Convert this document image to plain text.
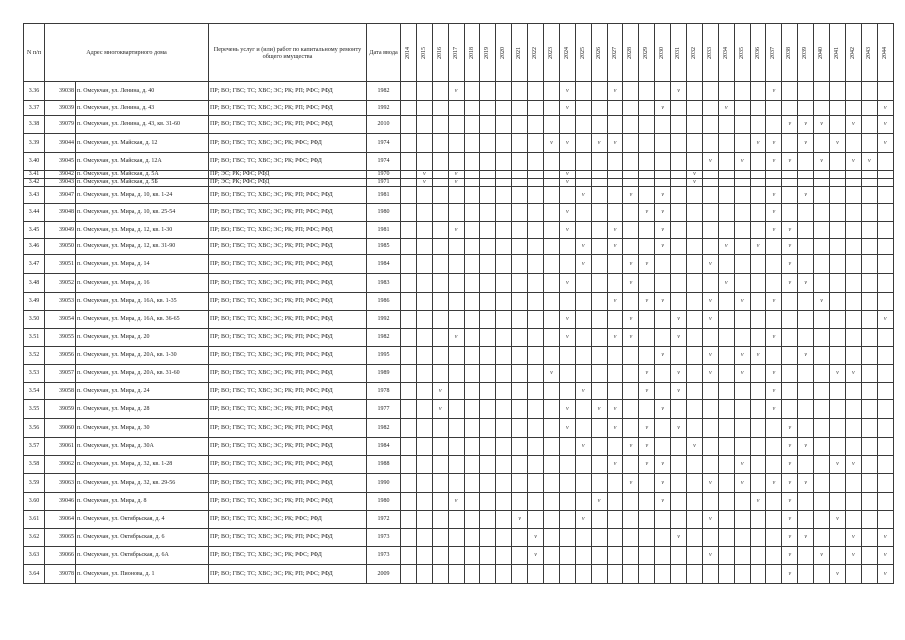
N п/п	Адрес многоквартирного дома		Перечень услуг и (или) работ по капитальному ремонту общего имущества	Дата ввода	2014	2015	2016	2017	2018	2019	2020	2021	2022	2023	2024	2025	2026	2027	2028	2029	2030	2031	2032	2033	2034	2035	2036	2037	2038	2039	2040	2041	2042	2043	2044

3.36	39038	п. Омсукчан, ул. Ленина, д. 40	ПР; ВО; ГВС; ТС; ХВС; ЭС; РК; РП; РФС; РФД	1982				v							v			v				v						v							
3.37	39039	п. Омсукчан, ул. Ленина, д. 43	ПР; ВО; ГВС; ТС; ХВС; ЭС; РК; РП; РФС; РФД	1992											v						v				v										v
3.38	39079	п. Омсукчан, ул. Ленина, д. 43, кв. 31-60	ПР; ВО; ГВС; ТС; ХВС; ЭС; РК; РП; РФС; РФД	2010																									v	v	v		v		v
3.39	39044	п. Омсукчан, ул. Майская, д. 12	ПР; ВО; ГВС; ТС; ХВС; ЭС; РК; РФС; РФД	1974										v	v		v	v									v	v		v		v			v
3.40	39045	п. Омсукчан, ул. Майская, д. 12А	ПР; ВО; ГВС; ТС; ХВС; ЭС; РК; РФС; РФД	1974																				v		v		v	v		v		v	v	
3.41	39042	п. Омсукчан, ул. Майская, д. 5А	ПР; ЭС; РК; РФС; РФД	1970		v		v							v								v												
3.42	39043	п. Омсукчан, ул. Майская, д. 5Б	ПР; ЭС; РК; РФС; РФД	1971		v		v							v								v												
3.43	39047	п. Омсукчан, ул. Мира, д. 10, кв. 1-24	ПР; ВО; ГВС; ТС; ХВС; ЭС; РК; РП; РФС; РФД	1981												v			v		v							v		v					
3.44	39048	п. Омсукчан, ул. Мира, д. 10, кв. 25-54	ПР; ВО; ГВС; ТС; ХВС; ЭС; РК; РП; РФС; РФД	1980											v					v	v							v							
3.45	39049	п. Омсукчан, ул. Мира, д. 12, кв. 1-30	ПР; ВО; ГВС; ТС; ХВС; ЭС; РК; РП; РФС; РФД	1981				v							v			v			v							v	v						
3.46	39050	п. Омсукчан, ул. Мира, д. 12, кв. 31-90	ПР; ВО; ГВС; ТС; ХВС; ЭС; РК; РП; РФС; РФД	1985												v		v			v				v		v		v						
3.47	39051	п. Омсукчан, ул. Мира, д. 14	ПР; ВО; ГВС; ТС; ХВС; ЭС; РК; РП; РФС; РФД	1984												v			v	v				v					v						
3.48	39052	п. Омсукчан, ул. Мира, д. 16	ПР; ВО; ГВС; ТС; ХВС; ЭС; РК; РП; РФС; РФД	1983											v				v						v				v	v					
3.49	39053	п. Омсукчан, ул. Мира, д. 16А, кв. 1-35	ПР; ВО; ГВС; ТС; ХВС; ЭС; РК; РП; РФС; РФД	1986														v		v	v			v		v		v			v				
3.50	39054	п. Омсукчан, ул. Мира, д. 16А, кв. 36-65	ПР; ВО; ГВС; ТС; ХВС; ЭС; РК; РП; РФС; РФД	1992											v				v			v		v											v
3.51	39055	п. Омсукчан, ул. Мира, д. 20	ПР; ВО; ГВС; ТС; ХВС; ЭС; РК; РП; РФС; РФД	1982				v							v			v	v			v						v							
3.52	39056	п. Омсукчан, ул. Мира, д. 20А, кв. 1-30	ПР; ВО; ГВС; ТС; ХВС; ЭС; РК; РП; РФС; РФД	1995																	v			v		v	v			v					
3.53	39057	п. Омсукчан, ул. Мира, д. 20А, кв. 31-60	ПР; ВО; ГВС; ТС; ХВС; ЭС; РК; РП; РФС; РФД	1989										v						v		v		v		v		v				v	v		
3.54	39058	п. Омсукчан, ул. Мира, д. 24	ПР; ВО; ГВС; ТС; ХВС; ЭС; РК; РП; РФС; РФД	1978			v									v				v		v						v							
3.55	39059	п. Омсукчан, ул. Мира, д. 28	ПР; ВО; ГВС; ТС; ХВС; ЭС; РК; РП; РФС; РФД	1977			v								v		v	v			v							v							
3.56	39060	п. Омсукчан, ул. Мира, д. 30	ПР; ВО; ГВС; ТС; ХВС; ЭС; РК; РП; РФС; РФД	1982											v			v		v		v							v						
3.57	39061	п. Омсукчан, ул. Мира, д. 30А	ПР; ВО; ГВС; ТС; ХВС; ЭС; РК; РП; РФС; РФД	1984												v			v	v			v						v	v					
3.58	39062	п. Омсукчан, ул. Мира, д. 32, кв. 1-28	ПР; ВО; ГВС; ТС; ХВС; ЭС; РК; РП; РФС; РФД	1988														v		v	v					v			v			v	v		
3.59	39063	п. Омсукчан, ул. Мира, д. 32, кв. 29-56	ПР; ВО; ГВС; ТС; ХВС; ЭС; РК; РП; РФС; РФД	1990															v		v			v		v		v	v	v					
3.60	39046	п. Омсукчан, ул. Мира, д. 8	ПР; ВО; ГВС; ТС; ХВС; ЭС; РК; РП; РФС; РФД	1980				v									v				v						v		v						
3.61	39064	п. Омсукчан, ул. Октябрьская, д. 4	ПР; ВО; ГВС; ТС; ХВС; ЭС; РК; РФС; РФД	1972								v				v								v					v			v			
3.62	39065	п. Омсукчан, ул. Октябрьская, д. 6	ПР; ВО; ГВС; ТС; ХВС; ЭС; РК; РП; РФС; РФД	1973									v									v							v	v			v		v
3.63	39066	п. Омсукчан, ул. Октябрьская, д. 6А	ПР; ВО; ГВС; ТС; ХВС; ЭС; РК; РФС; РФД	1973									v											v					v		v		v		v
3.64	39078	п. Омсукчан, ул. Пионова, д. 1	ПР; ВО; ГВС; ТС; ХВС; ЭС; РК; РП; РФС; РФД	2009																									v			v			v
